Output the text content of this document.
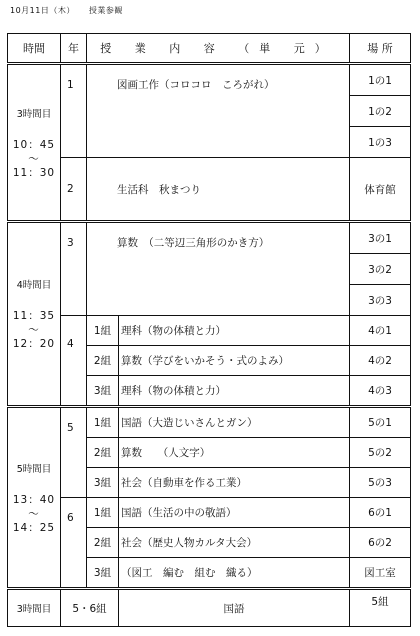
10月11日（木） 授業参観
時間	年	授 業 内 容 （単 元）		場 所

3時間目
10：45
～
11：30	1	図画工作（コロコロ　ころがれ）		1の1
				1の2
				1の3
	2	生活科　秋まつり		体育館

4時間目
11：35
～
12：20	3	算数　（二等辺三角形のかき方）		3の1
				3の2
				3の3
	4	1組	理科（物の体積と力）	4の1
		2組	算数（学びをいかそう・式のよみ）	4の2
		3組	理科（物の体積と力）	4の3

5時間目
13：40
～
14：25	5	1組	国語（大造じいさんとガン）	5の1
		2組	算数　　（人文字）	5の2
		3組	社会（自動車を作る工業）	5の3
	6	1組	国語（生活の中の敬語）	6の1
		2組	社会（歴史人物カルタ大会）	6の2
		3組	（図工　編む　組む　織る）	図工室
3時間目	5・6組		国語	5組
